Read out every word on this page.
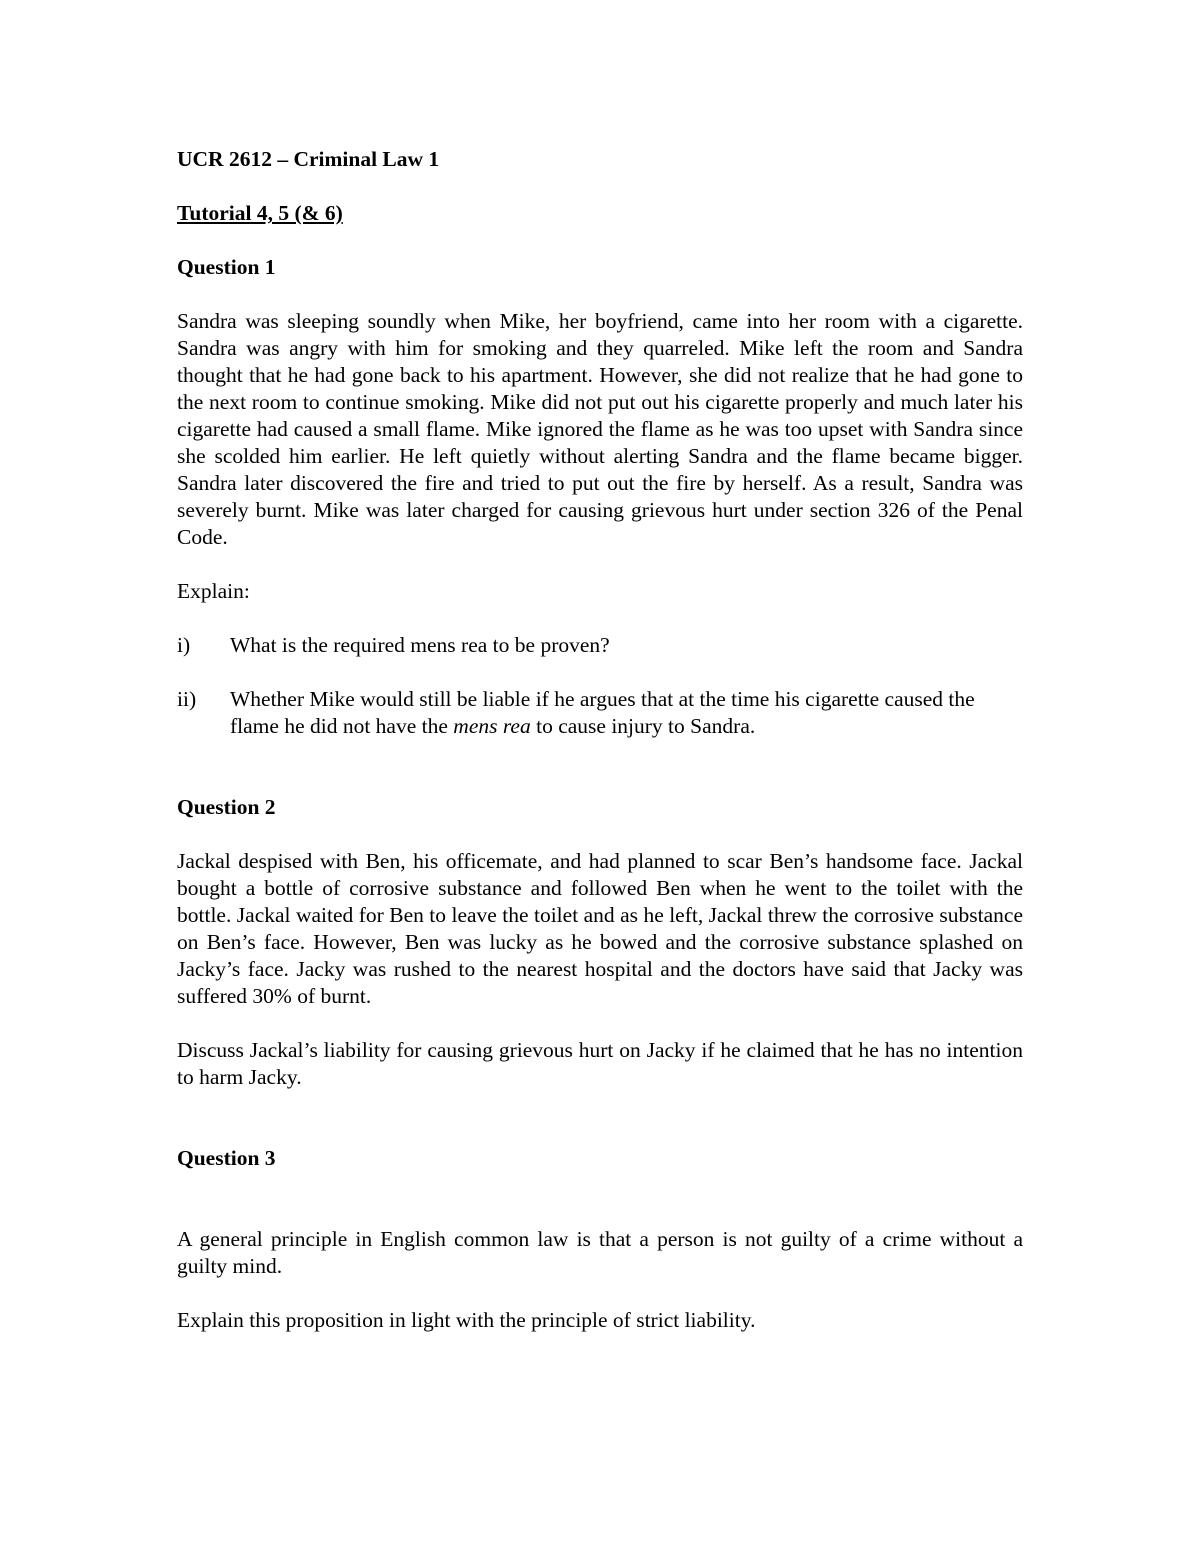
UCR 2612 – Criminal Law 1

Tutorial 4, 5 (& 6)

Question 1

Sandra was sleeping soundly when Mike, her boyfriend, came into her room with a cigarette. Sandra was angry with him for smoking and they quarreled. Mike left the room and Sandra thought that he had gone back to his apartment. However, she did not realize that he had gone to the next room to continue smoking. Mike did not put out his cigarette properly and much later his cigarette had caused a small flame. Mike ignored the flame as he was too upset with Sandra since she scolded him earlier. He left quietly without alerting Sandra and the flame became bigger. Sandra later discovered the fire and tried to put out the fire by herself. As a result, Sandra was severely burnt. Mike was later charged for causing grievous hurt under section 326 of the Penal Code.

Explain:

i)	What is the required mens rea to be proven?
ii)	Whether Mike would still be liable if he argues that at the time his cigarette caused the flame he did not have the mens rea to cause injury to Sandra.

Question 2

Jackal despised with Ben, his officemate, and had planned to scar Ben’s handsome face. Jackal bought a bottle of corrosive substance and followed Ben when he went to the toilet with the bottle. Jackal waited for Ben to leave the toilet and as he left, Jackal threw the corrosive substance on Ben’s face. However, Ben was lucky as he bowed and the corrosive substance splashed on Jacky’s face. Jacky was rushed to the nearest hospital and the doctors have said that Jacky was suffered 30% of burnt.

Discuss Jackal’s liability for causing grievous hurt on Jacky if he claimed that he has no intention to harm Jacky.

Question 3

A general principle in English common law is that a person is not guilty of a crime without a guilty mind.

Explain this proposition in light with the principle of strict liability.
